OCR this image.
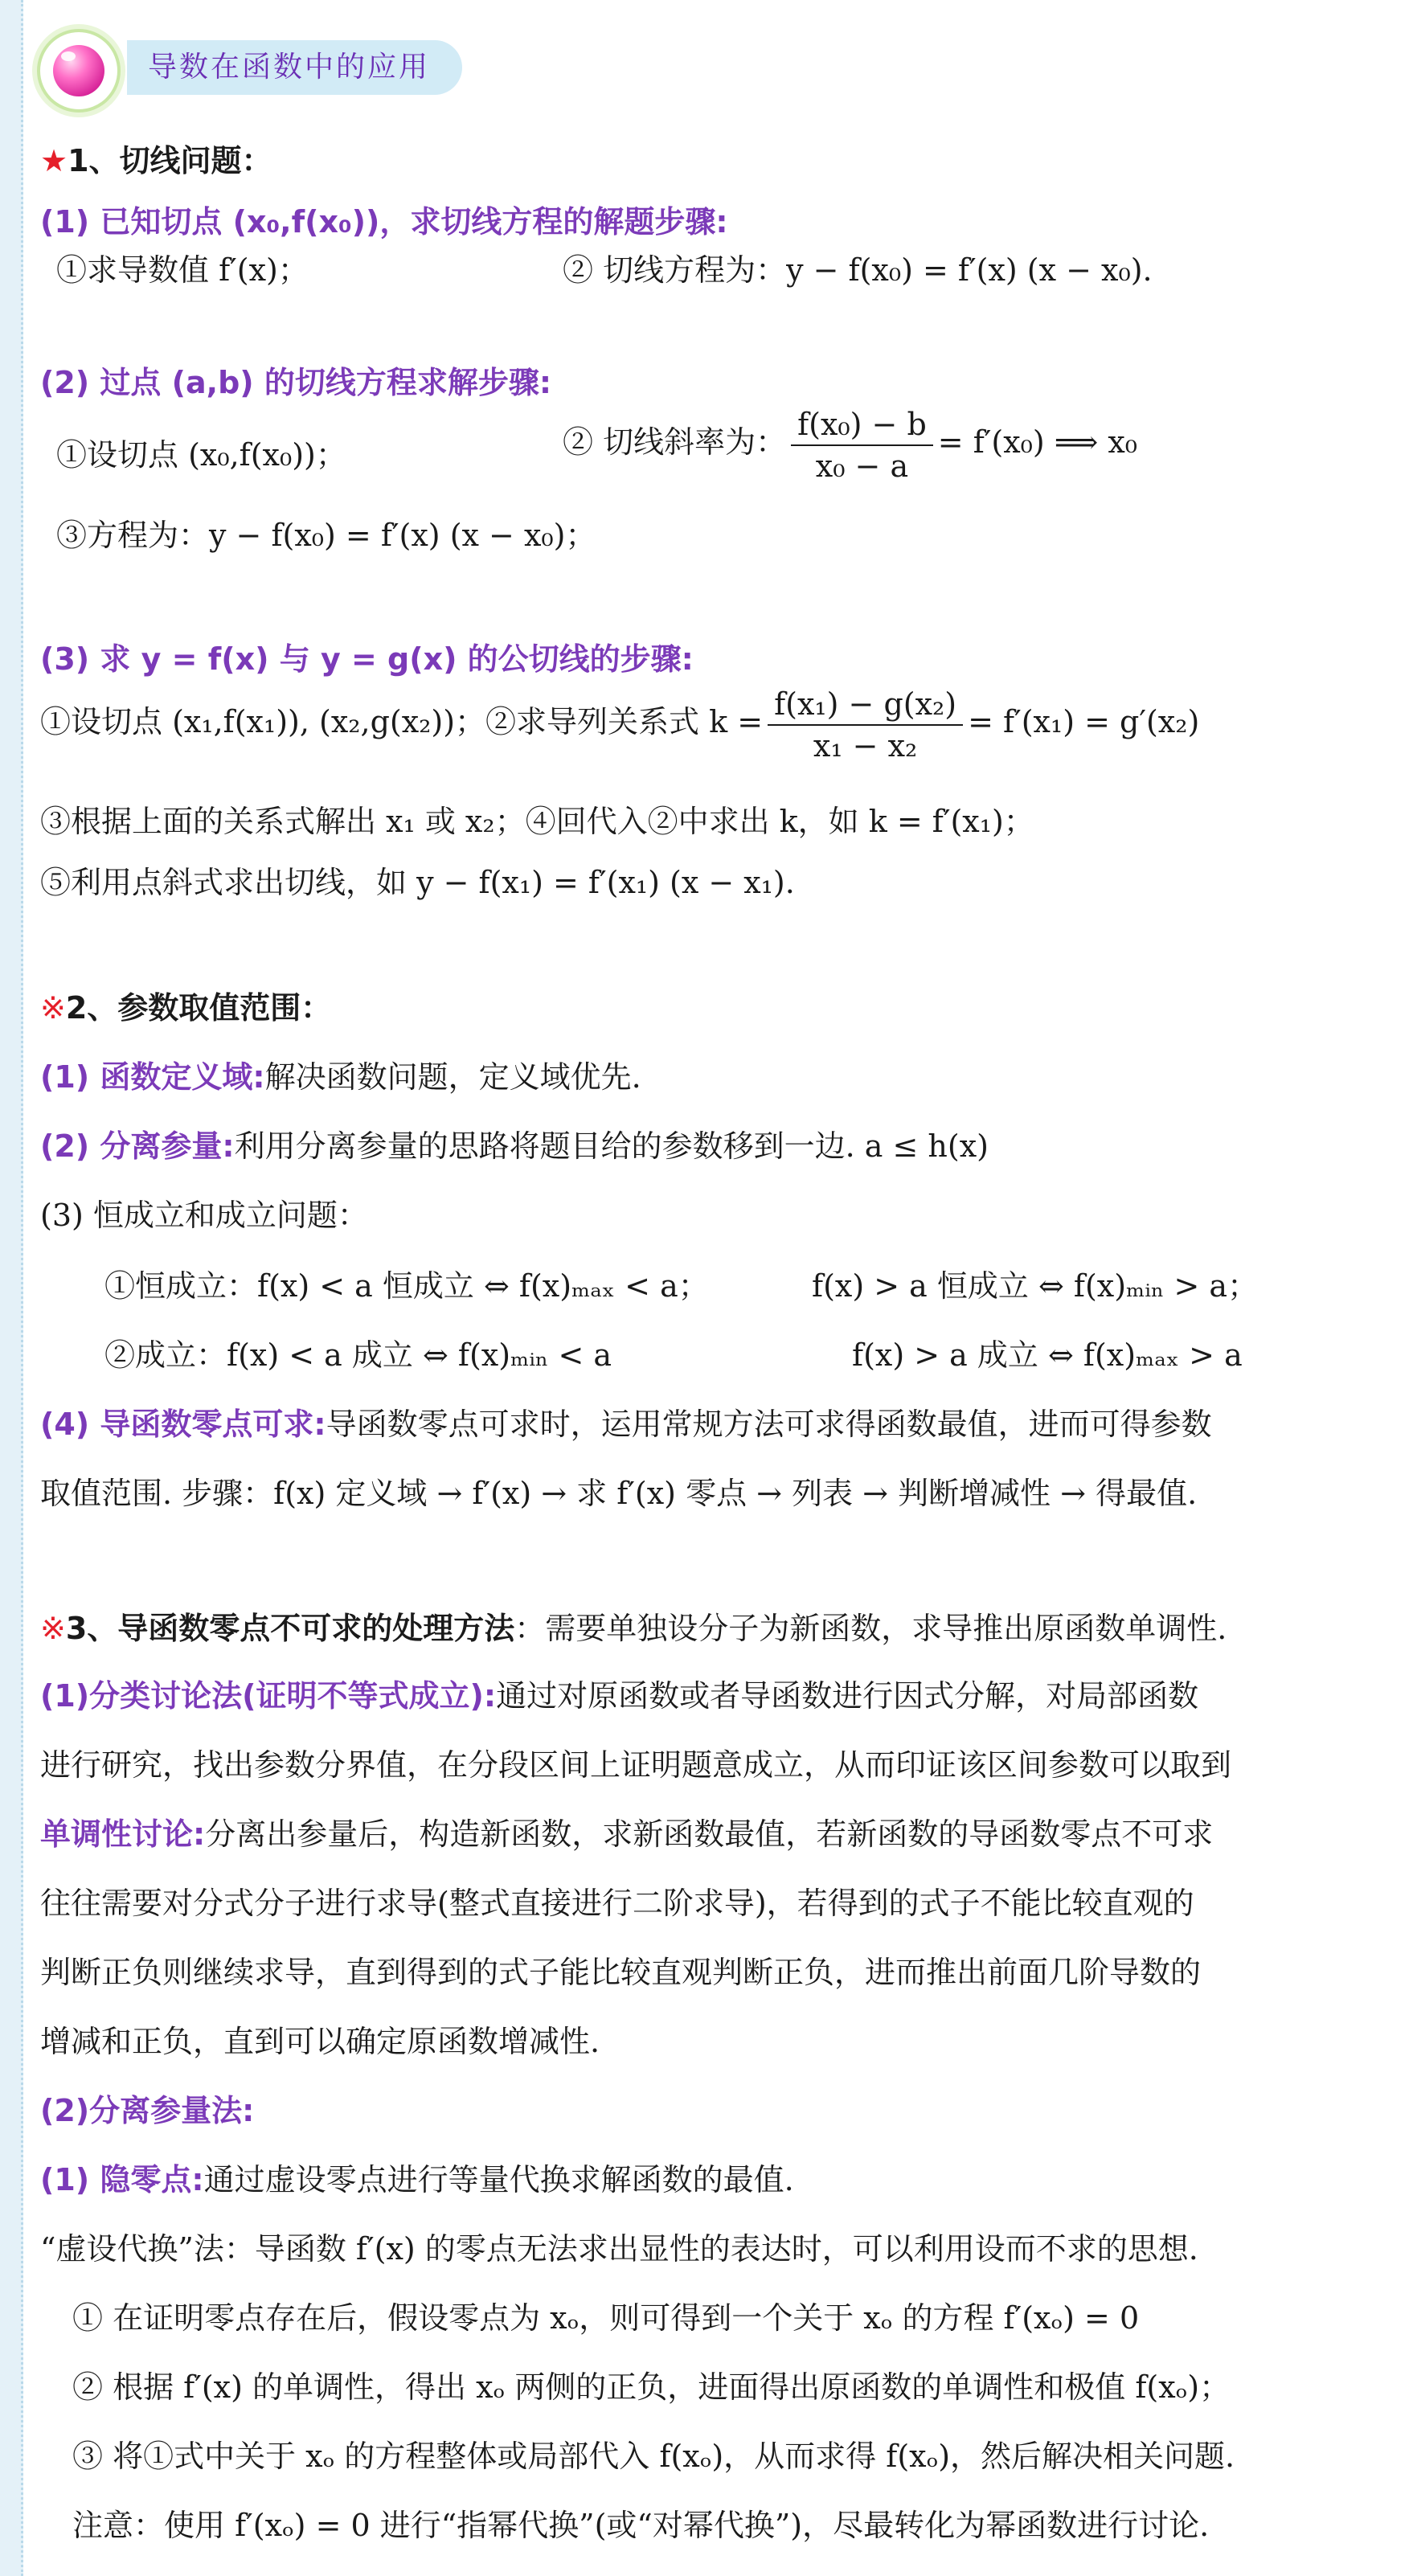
导数在函数中的应用
★1、切线问题：
(1) 已知切点 (x₀,f(x₀))，求切线方程的解题步骤:
①求导数值 f′(x)；	② 切线方程为：y − f(x₀) = f′(x) (x − x₀).
(2) 过点 (a,b) 的切线方程求解步骤:
①设切点 (x₀,f(x₀))；	② 切线斜率为： $\frac{\text{f(x₀) − b}}{\text{x₀ − a}} = f'(x_0)$ ⟹ x₀
③方程为：y − f(x₀) = f′(x) (x − x₀)；
(3) 求 y = f(x) 与 y = g(x) 的公切线的步骤:
①设切点 (x₁,f(x₁)), (x₂,g(x₂))；②求导列关系式 $k = \frac{\text{f(x₁) − g(x₂)}}{\text{x₁ − x₂}} = f'(x_1) = g'(x_2)$
③根据上面的关系式解出 x₁ 或 x₂；④回代入②中求出 k，如 k = f′(x₁)；
⑤利用点斜式求出切线，如 y − f(x₁) = f′(x₁) (x − x₁).
※2、参数取值范围：
(1) 函数定义域:解决函数问题，定义域优先.
(2) 分离参量:利用分离参量的思路将题目给的参数移到一边. a ≤ h(x)
(3) 恒成立和成立问题：
①恒成立：f(x) < a 恒成立 ⇔ f(x)ₘₐₓ < a；	f(x) > a 恒成立 ⇔ f(x)ₘᵢₙ > a；
②成立：f(x) < a 成立 ⇔ f(x)ₘᵢₙ < a	f(x) > a 成立 ⇔ f(x)ₘₐₓ > a
(4) 导函数零点可求:导函数零点可求时，运用常规方法可求得函数最值，进而可得参数
取值范围. 步骤：f(x) 定义域 → f′(x) → 求 f′(x) 零点 → 列表 → 判断增减性 → 得最值.
※3、导函数零点不可求的处理方法：需要单独设分子为新函数，求导推出原函数单调性.
(1)分类讨论法(证明不等式成立):通过对原函数或者导函数进行因式分解，对局部函数
进行研究，找出参数分界值，在分段区间上证明题意成立，从而印证该区间参数可以取到
单调性讨论:分离出参量后，构造新函数，求新函数最值，若新函数的导函数零点不可求
往往需要对分式分子进行求导(整式直接进行二阶求导)，若得到的式子不能比较直观的
判断正负则继续求导，直到得到的式子能比较直观判断正负，进而推出前面几阶导数的
增减和正负，直到可以确定原函数增减性.
(2)分离参量法:
(1) 隐零点:通过虚设零点进行等量代换求解函数的最值.
“虚设代换”法：导函数 f′(x) 的零点无法求出显性的表达时，可以利用设而不求的思想.
① 在证明零点存在后，假设零点为 xₒ，则可得到一个关于 xₒ 的方程 f′(xₒ) = 0
② 根据 f′(x) 的单调性，得出 xₒ 两侧的正负，进面得出原函数的单调性和极值 f(xₒ)；
③ 将①式中关于 xₒ 的方程整体或局部代入 f(xₒ)，从而求得 f(xₒ)，然后解决相关问题.
注意：使用 f′(xₒ) = 0 进行“指幂代换”(或“对幂代换”)，尽最转化为幂函数进行讨论.
